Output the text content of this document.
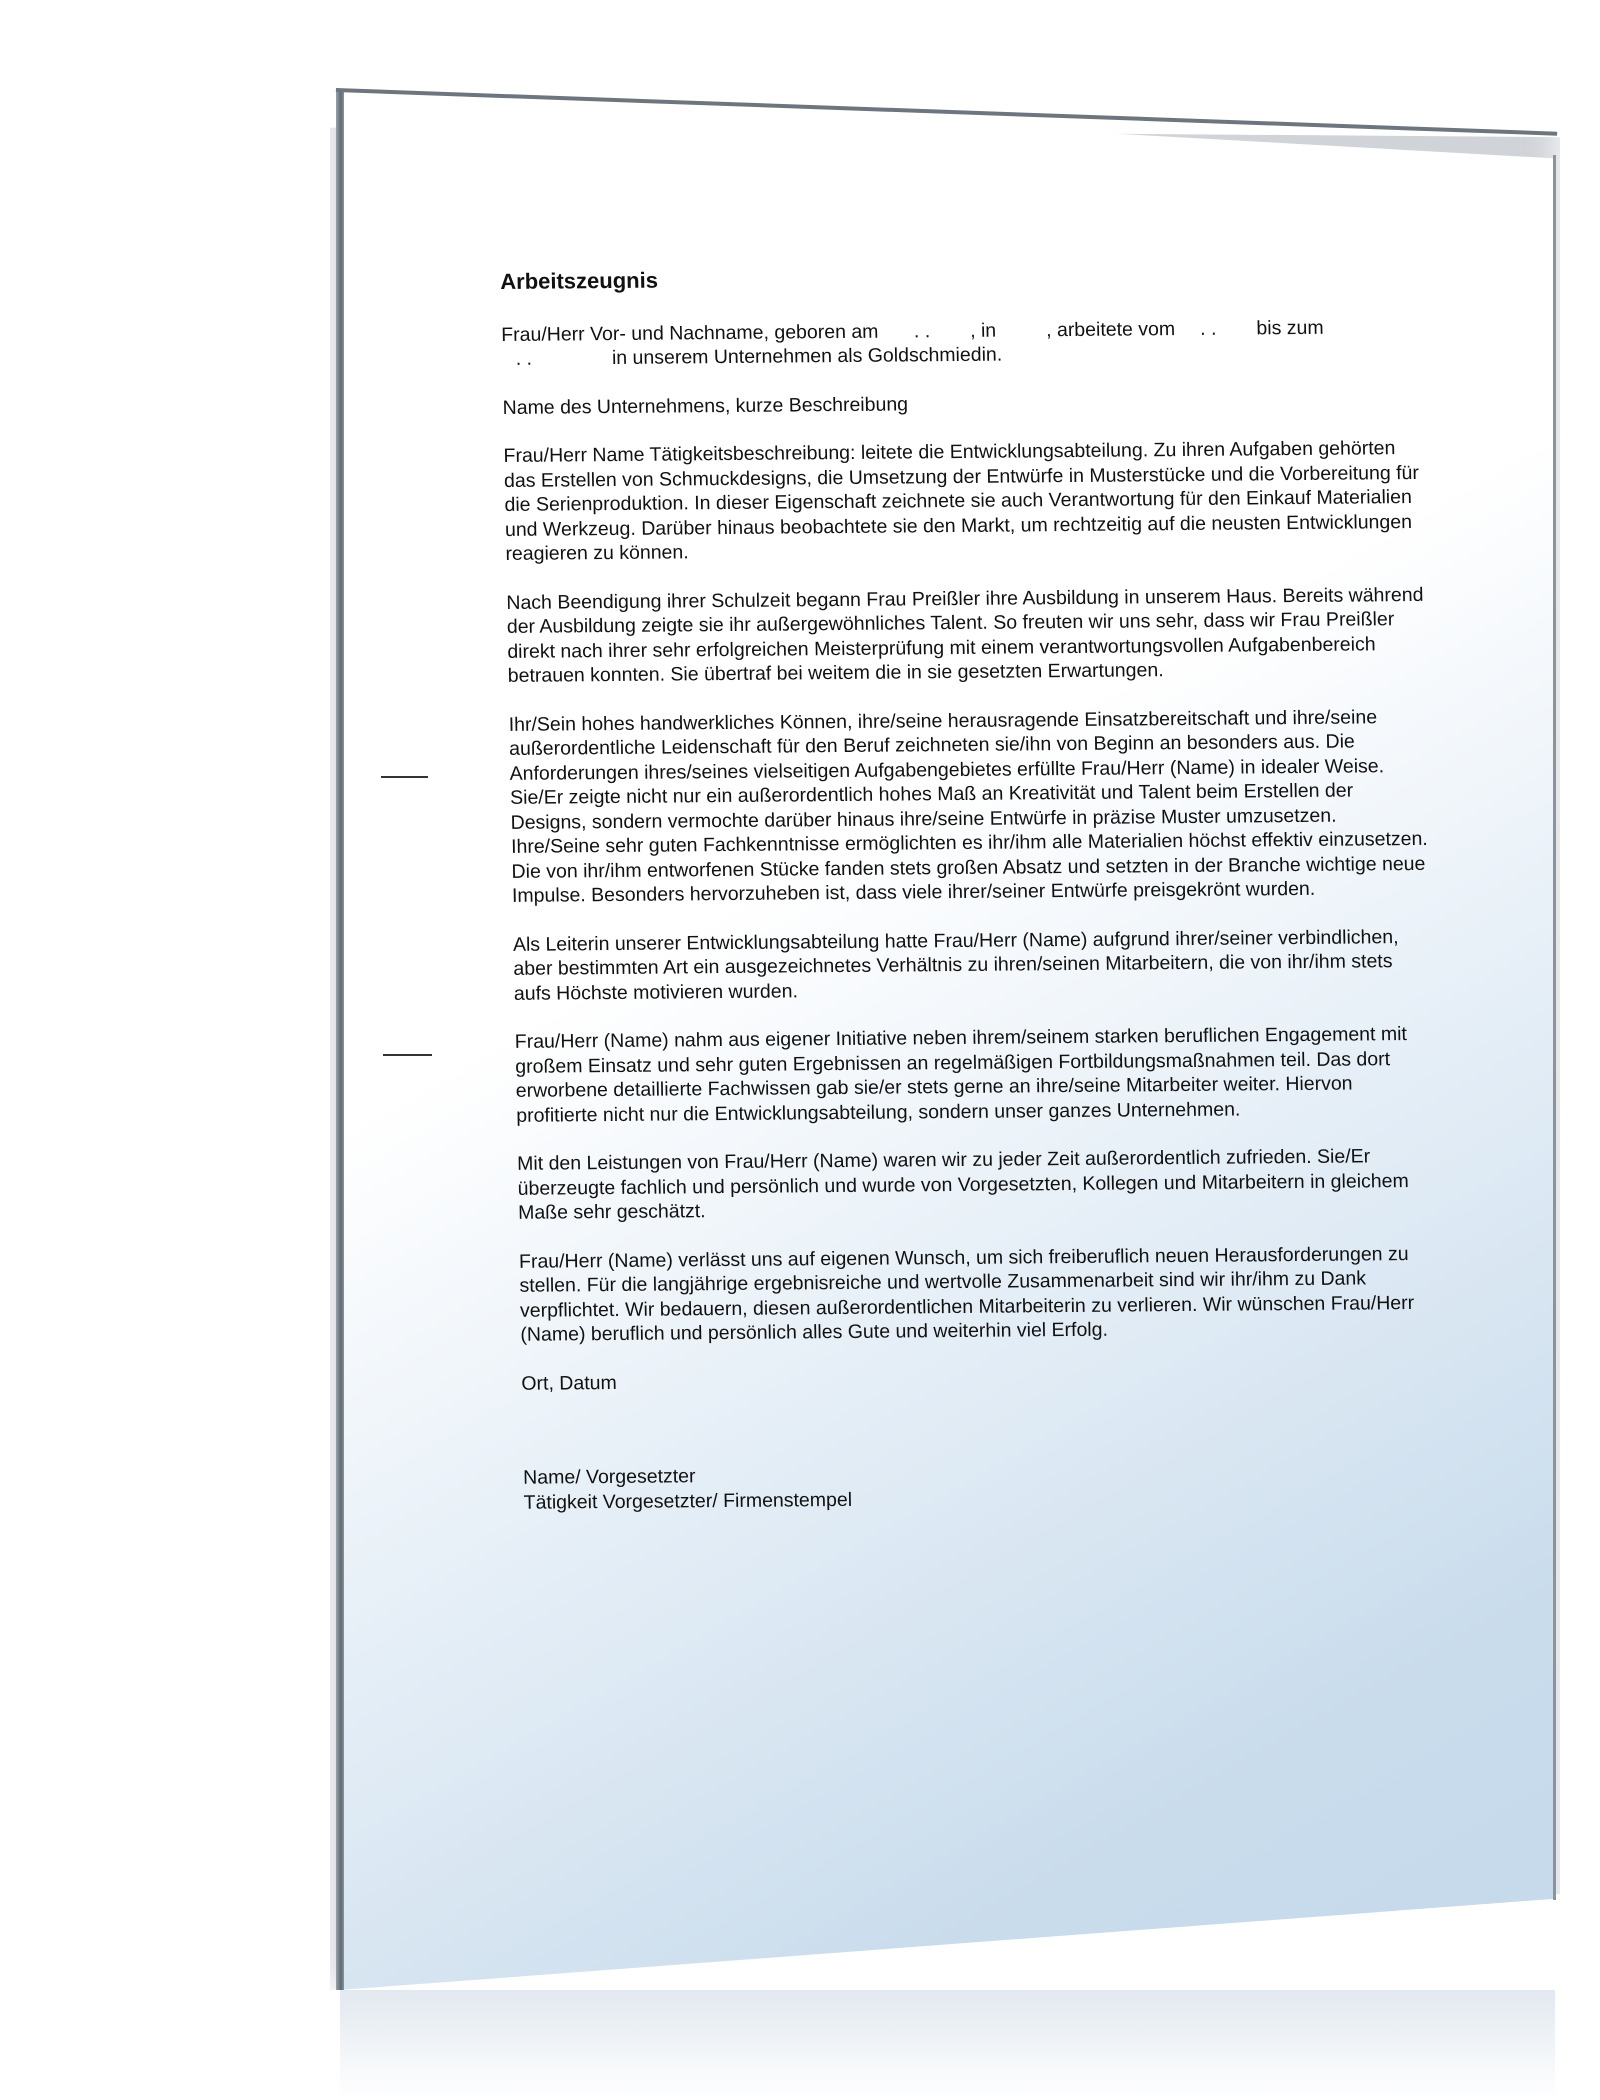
Arbeitszeugnis

Frau/Herr Vor- und Nachname, geboren am . . , in	, arbeitete vom . . bis zum
. .	in unserem Unternehmen als Goldschmiedin.

Name des Unternehmens, kurze Beschreibung

Frau/Herr Name Tätigkeitsbeschreibung: leitete die Entwicklungsabteilung. Zu ihren Aufgaben gehörten das Erstellen von Schmuckdesigns, die Umsetzung der Entwürfe in Musterstücke und die Vorbereitung für die Serienproduktion. In dieser Eigenschaft zeichnete sie auch Verantwortung für den Einkauf Materialien und Werkzeug. Darüber hinaus beobachtete sie den Markt, um rechtzeitig auf die neusten Entwicklungen reagieren zu können.

Nach Beendigung ihrer Schulzeit begann Frau Preißler ihre Ausbildung in unserem Haus. Bereits während der Ausbildung zeigte sie ihr außergewöhnliches Talent. So freuten wir uns sehr, dass wir Frau Preißler direkt nach ihrer sehr erfolgreichen Meisterprüfung mit einem verantwortungsvollen Aufgabenbereich betrauen konnten. Sie übertraf bei weitem die in sie gesetzten Erwartungen.

Ihr/Sein hohes handwerkliches Können, ihre/seine herausragende Einsatzbereitschaft und ihre/seine außerordentliche Leidenschaft für den Beruf zeichneten sie/ihn von Beginn an besonders aus. Die Anforderungen ihres/seines vielseitigen Aufgabengebietes erfüllte Frau/Herr (Name) in idealer Weise. Sie/Er zeigte nicht nur ein außerordentlich hohes Maß an Kreativität und Talent beim Erstellen der Designs, sondern vermochte darüber hinaus ihre/seine Entwürfe in präzise Muster umzusetzen. Ihre/Seine sehr guten Fachkenntnisse ermöglichten es ihr/ihm alle Materialien höchst effektiv einzusetzen. Die von ihr/ihm entworfenen Stücke fanden stets großen Absatz und setzten in der Branche wichtige neue Impulse. Besonders hervorzuheben ist, dass viele ihrer/seiner Entwürfe preisgekrönt wurden.

Als Leiterin unserer Entwicklungsabteilung hatte Frau/Herr (Name) aufgrund ihrer/seiner verbindlichen, aber bestimmten Art ein ausgezeichnetes Verhältnis zu ihren/seinen Mitarbeitern, die von ihr/ihm stets aufs Höchste motivieren wurden.

Frau/Herr (Name) nahm aus eigener Initiative neben ihrem/seinem starken beruflichen Engagement mit großem Einsatz und sehr guten Ergebnissen an regelmäßigen Fortbildungsmaßnahmen teil. Das dort erworbene detaillierte Fachwissen gab sie/er stets gerne an ihre/seine Mitarbeiter weiter. Hiervon profitierte nicht nur die Entwicklungsabteilung, sondern unser ganzes Unternehmen.

Mit den Leistungen von Frau/Herr (Name) waren wir zu jeder Zeit außerordentlich zufrieden. Sie/Er überzeugte fachlich und persönlich und wurde von Vorgesetzten, Kollegen und Mitarbeitern in gleichem Maße sehr geschätzt.

Frau/Herr (Name) verlässt uns auf eigenen Wunsch, um sich freiberuflich neuen Herausforderungen zu stellen. Für die langjährige ergebnisreiche und wertvolle Zusammenarbeit sind wir ihr/ihm zu Dank verpflichtet. Wir bedauern, diesen außerordentlichen Mitarbeiterin zu verlieren. Wir wünschen Frau/Herr (Name) beruflich und persönlich alles Gute und weiterhin viel Erfolg.

Ort, Datum

Name/ Vorgesetzter
Tätigkeit Vorgesetzter/ Firmenstempel
